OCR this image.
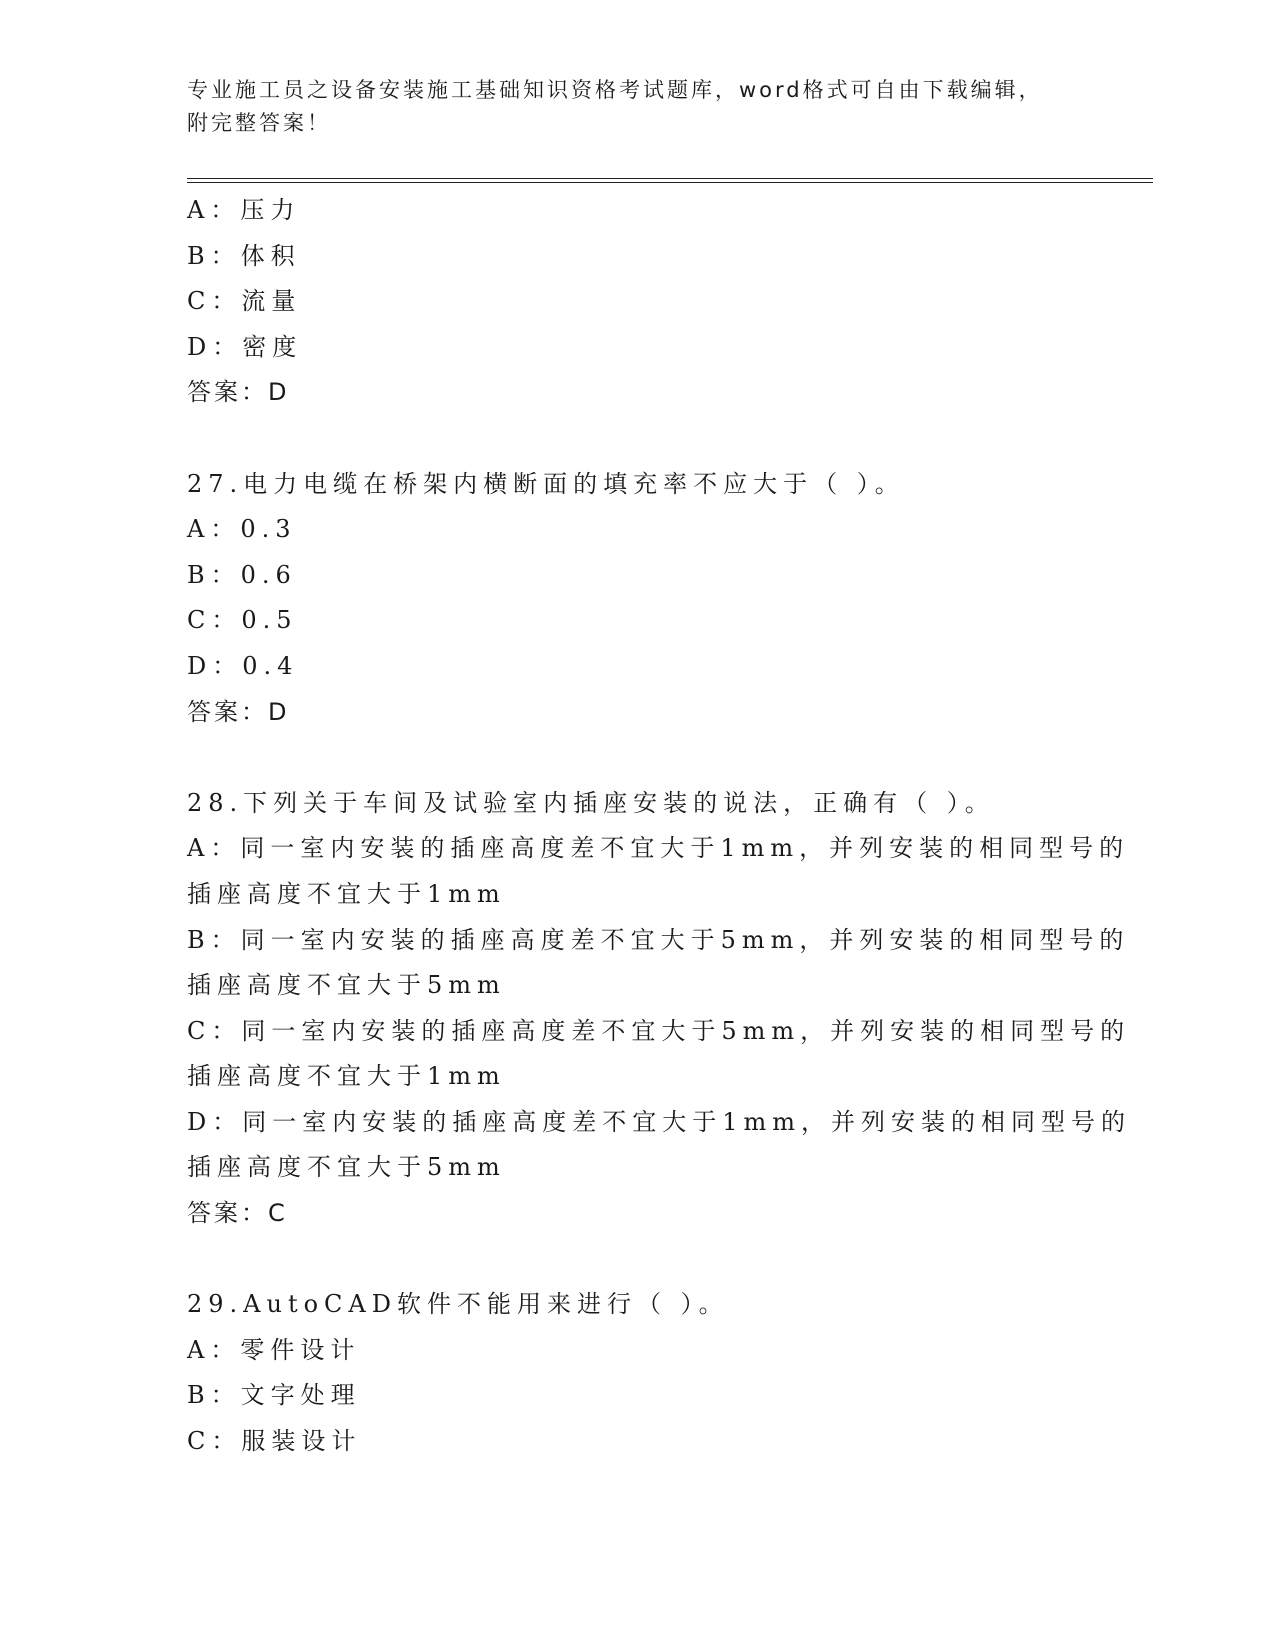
专业施工员之设备安装施工基础知识资格考试题库，word格式可自由下载编辑，
附完整答案！
A：压力
B：体积
C：流量
D：密度
答案：D
27.电力电缆在桥架内横断面的填充率不应大于（ ）。
A：0.3
B：0.6
C：0.5
D：0.4
答案：D
28.下列关于车间及试验室内插座安装的说法，正确有（ ）。
A：同一室内安装的插座高度差不宜大于1mm，并列安装的相同型号的
插座高度不宜大于1mm
B：同一室内安装的插座高度差不宜大于5mm，并列安装的相同型号的
插座高度不宜大于5mm
C：同一室内安装的插座高度差不宜大于5mm，并列安装的相同型号的
插座高度不宜大于1mm
D：同一室内安装的插座高度差不宜大于1mm，并列安装的相同型号的
插座高度不宜大于5mm
答案：C
29.AutoCAD软件不能用来进行（ ）。
A：零件设计
B：文字处理
C：服装设计
